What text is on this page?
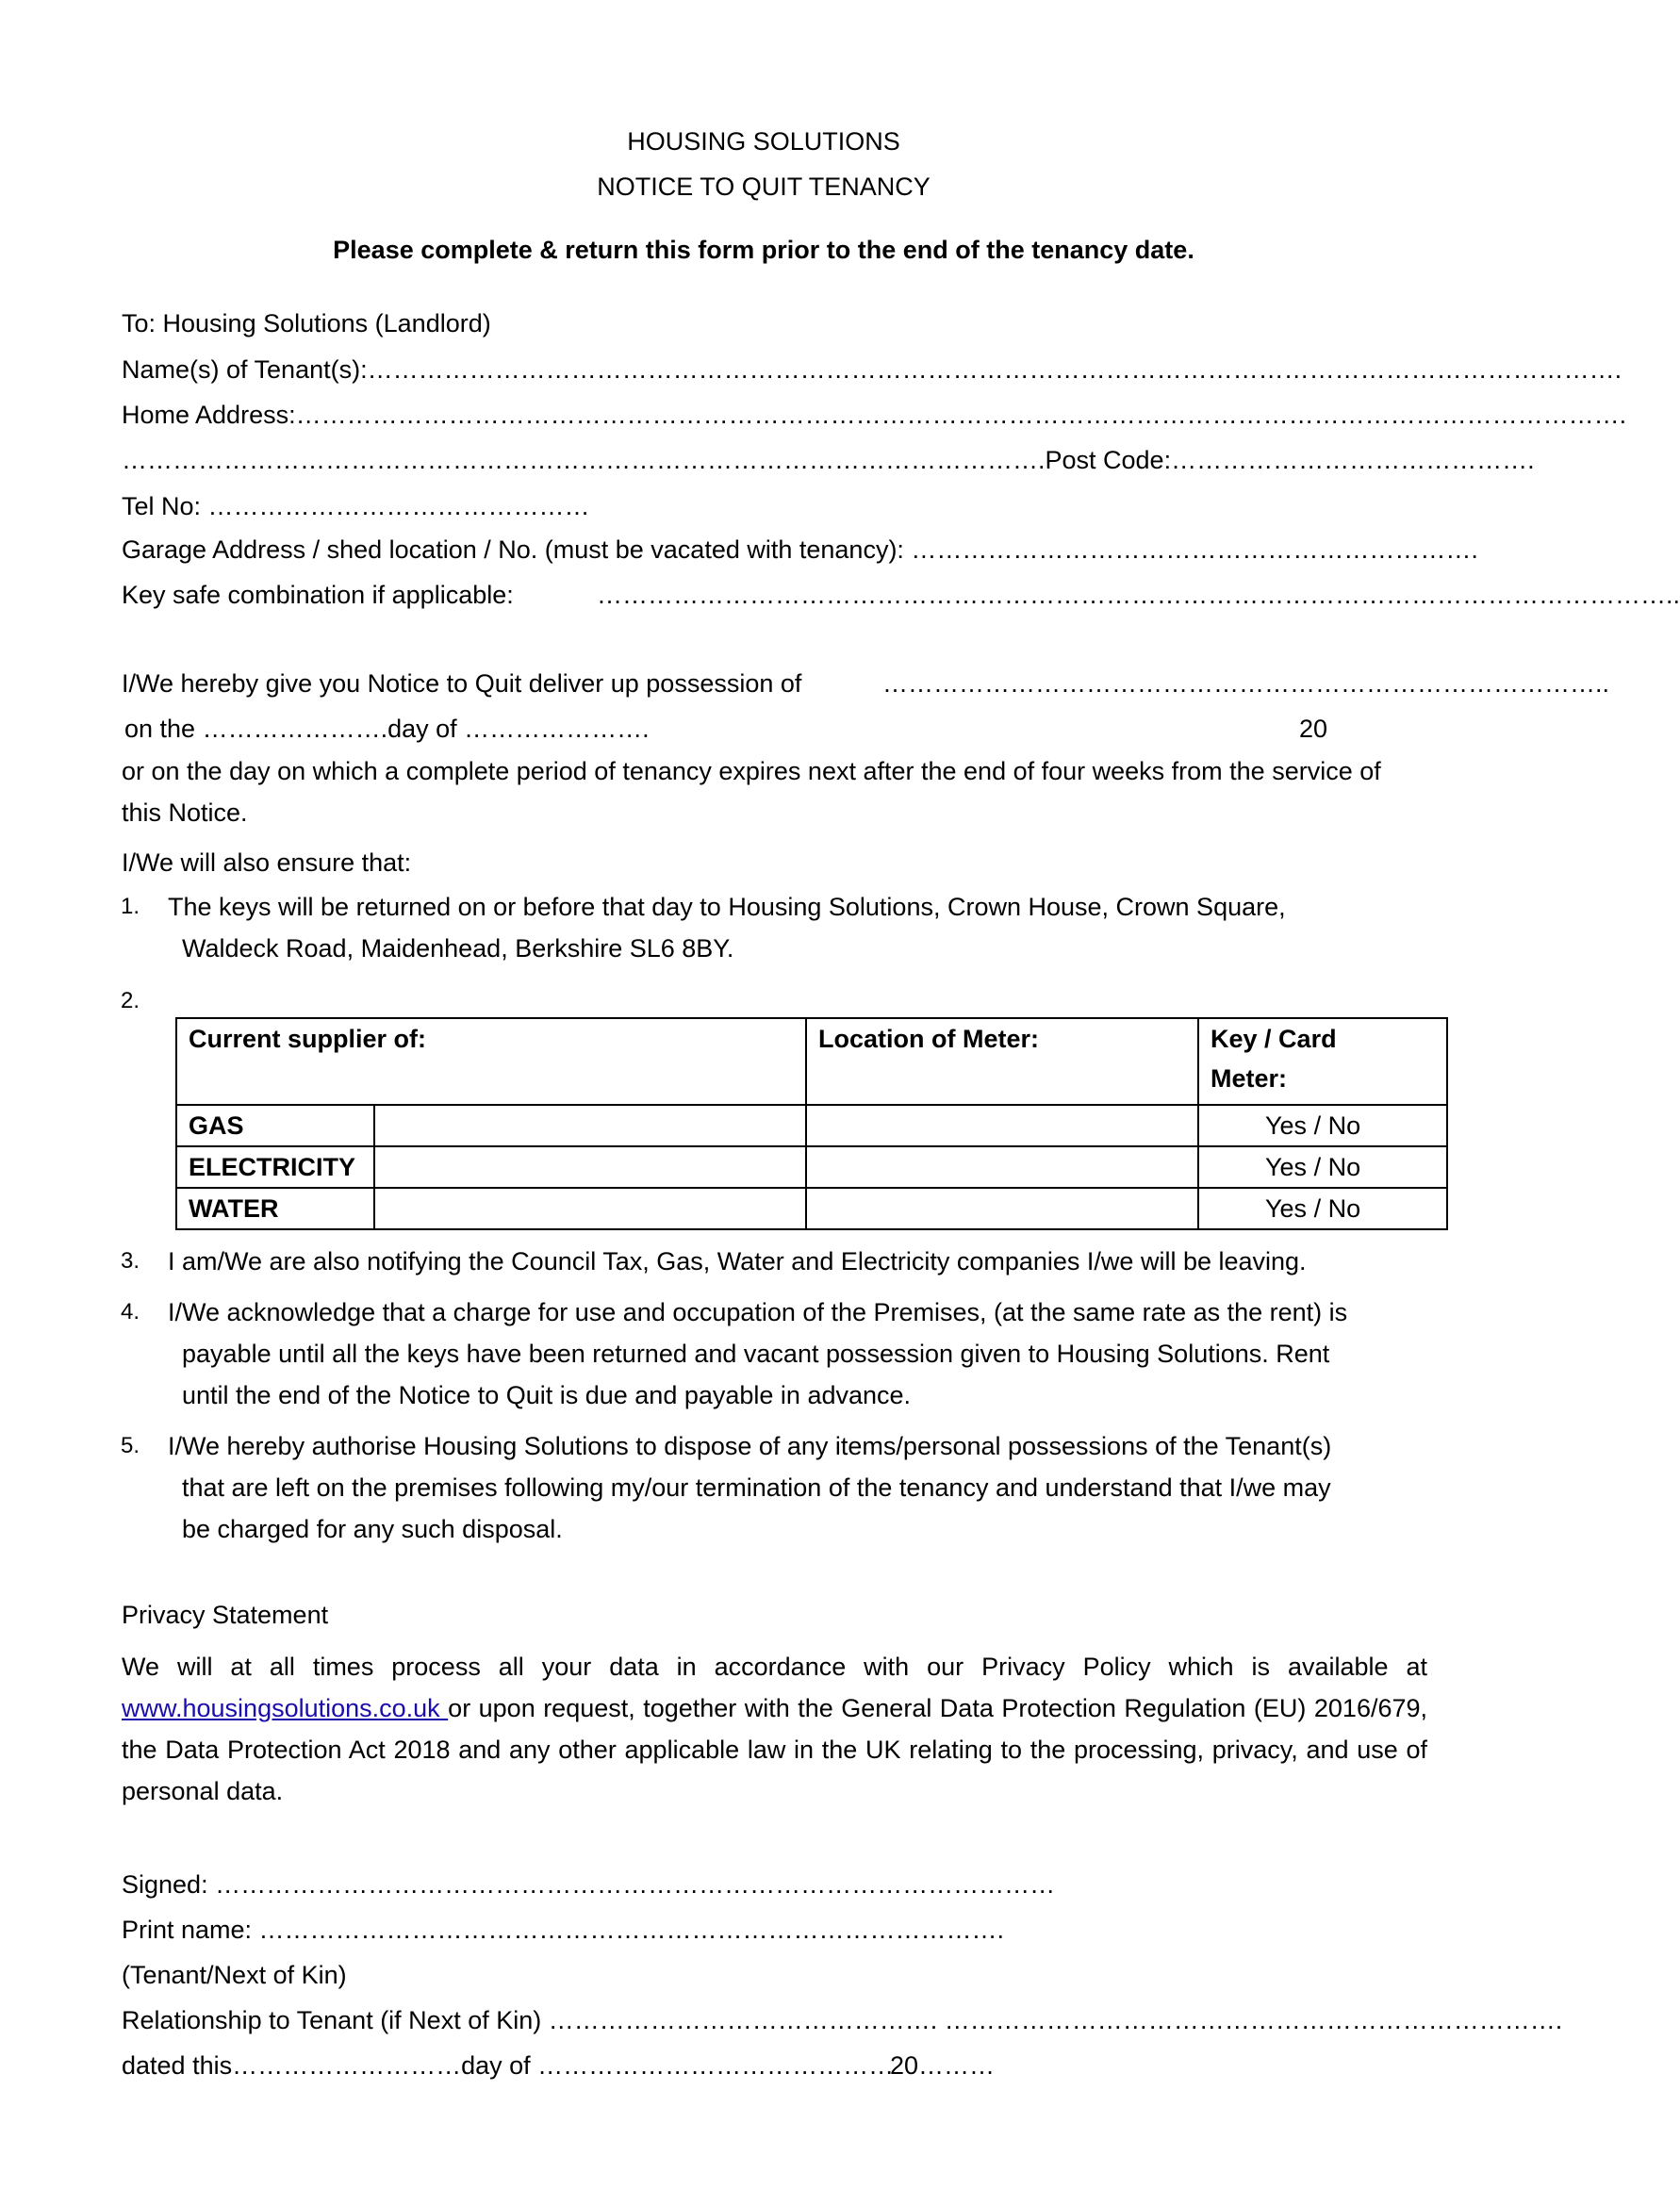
HOUSING SOLUTIONS
NOTICE TO QUIT TENANCY
Please complete & return this form prior to the end of the tenancy date.
To: Housing Solutions (Landlord)
Name(s) of Tenant(s):………………………………………………………………………………………………………………………………….
Home Address:………………………………………………………………………………………………………………………………………….
……………………………………………………………………………………………….Post Code:…………………………………….
Tel No: ………………………………………
Garage Address / shed location / No. (must be vacated with tenancy): ………………………………………………………….
Key safe combination if applicable:	………………………………………………………………………………………………………………..
I/We hereby give you Notice to Quit deliver up possession of	…………………………………………………………………………..
on the ………………….day of ………………….	20
or on the day on which a complete period of tenancy expires next after the end of four weeks from the service of this Notice.
I/We will also ensure that:
1.	The keys will be returned on or before that day to Housing Solutions, Crown House, Crown Square,
Waldeck Road, Maidenhead, Berkshire SL6 8BY.
2.
Current supplier of:		Location of Meter:	Key / Card
Meter:

GAS			Yes / No
ELECTRICITY			Yes / No
WATER			Yes / No
3.	I am/We are also notifying the Council Tax, Gas, Water and Electricity companies I/we will be leaving.
4.	I/We acknowledge that a charge for use and occupation of the Premises, (at the same rate as the rent) is
payable until all the keys have been returned and vacant possession given to Housing Solutions. Rent
until the end of the Notice to Quit is due and payable in advance.
5.	I/We hereby authorise Housing Solutions to dispose of any items/personal possessions of the Tenant(s)
that are left on the premises following my/our termination of the tenancy and understand that I/we may
be charged for any such disposal.
Privacy Statement
We will at all times process all your data in accordance with our Privacy Policy which is available at www.housingsolutions.co.uk or upon request, together with the General Data Protection Regulation (EU) 2016/679, the Data Protection Act 2018 and any other applicable law in the UK relating to the processing, privacy, and use of personal data.
Signed: ………………………………………………………………………………………
Print name: …………………………………………………………………………….
(Tenant/Next of Kin)
Relationship to Tenant (if Next of Kin) ………………………………………. ……………………………………………………………….
dated this………………………day of ……………………………………
20………
